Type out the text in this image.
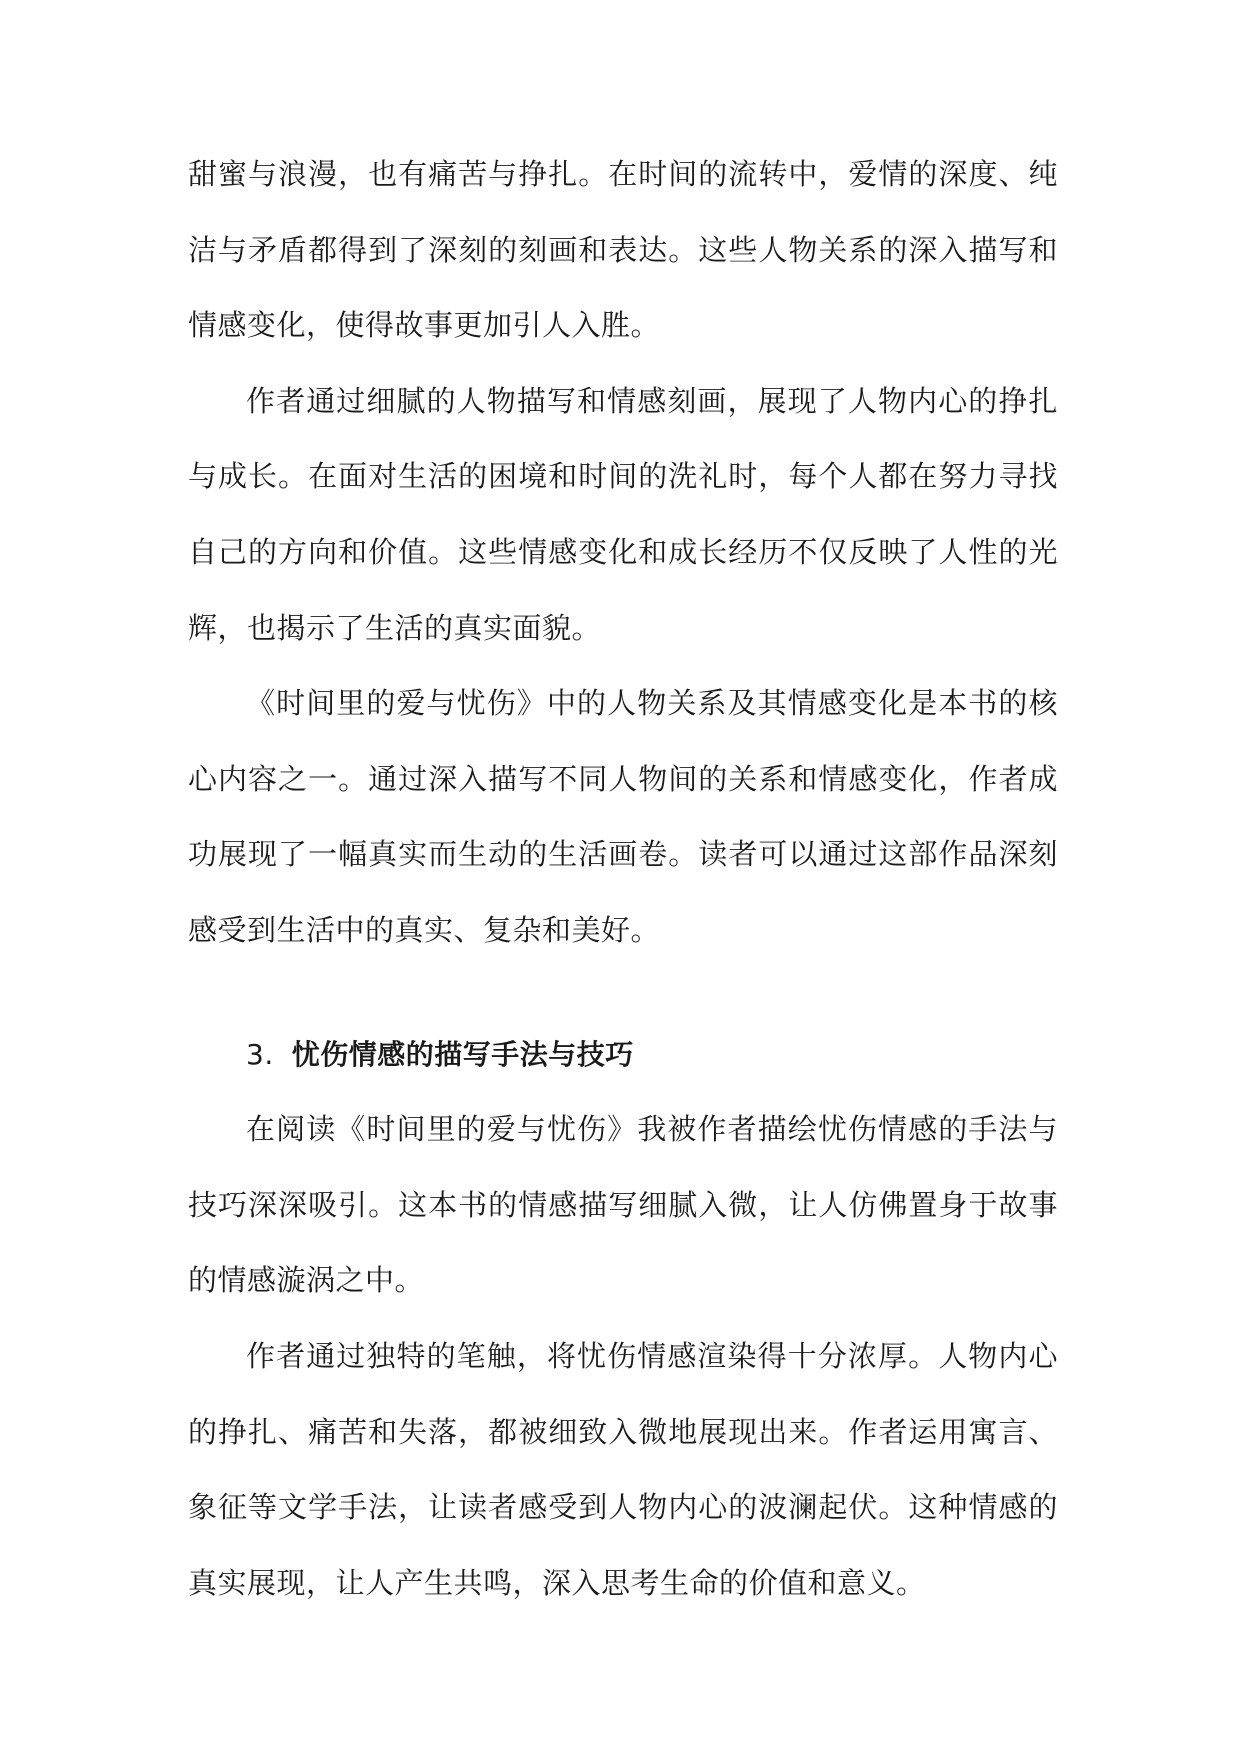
甜蜜与浪漫，也有痛苦与挣扎。在时间的流转中，爱情的深度、纯洁与矛盾都得到了深刻的刻画和表达。这些人物关系的深入描写和情感变化，使得故事更加引人入胜。

作者通过细腻的人物描写和情感刻画，展现了人物内心的挣扎与成长。在面对生活的困境和时间的洗礼时，每个人都在努力寻找自己的方向和价值。这些情感变化和成长经历不仅反映了人性的光辉，也揭示了生活的真实面貌。

《时间里的爱与忧伤》中的人物关系及其情感变化是本书的核心内容之一。通过深入描写不同人物间的关系和情感变化，作者成功展现了一幅真实而生动的生活画卷。读者可以通过这部作品深刻感受到生活中的真实、复杂和美好。

3. 忧伤情感的描写手法与技巧

在阅读《时间里的爱与忧伤》我被作者描绘忧伤情感的手法与技巧深深吸引。这本书的情感描写细腻入微，让人仿佛置身于故事的情感漩涡之中。

作者通过独特的笔触，将忧伤情感渲染得十分浓厚。人物内心的挣扎、痛苦和失落，都被细致入微地展现出来。作者运用寓言、象征等文学手法，让读者感受到人物内心的波澜起伏。这种情感的真实展现，让人产生共鸣，深入思考生命的价值和意义。
